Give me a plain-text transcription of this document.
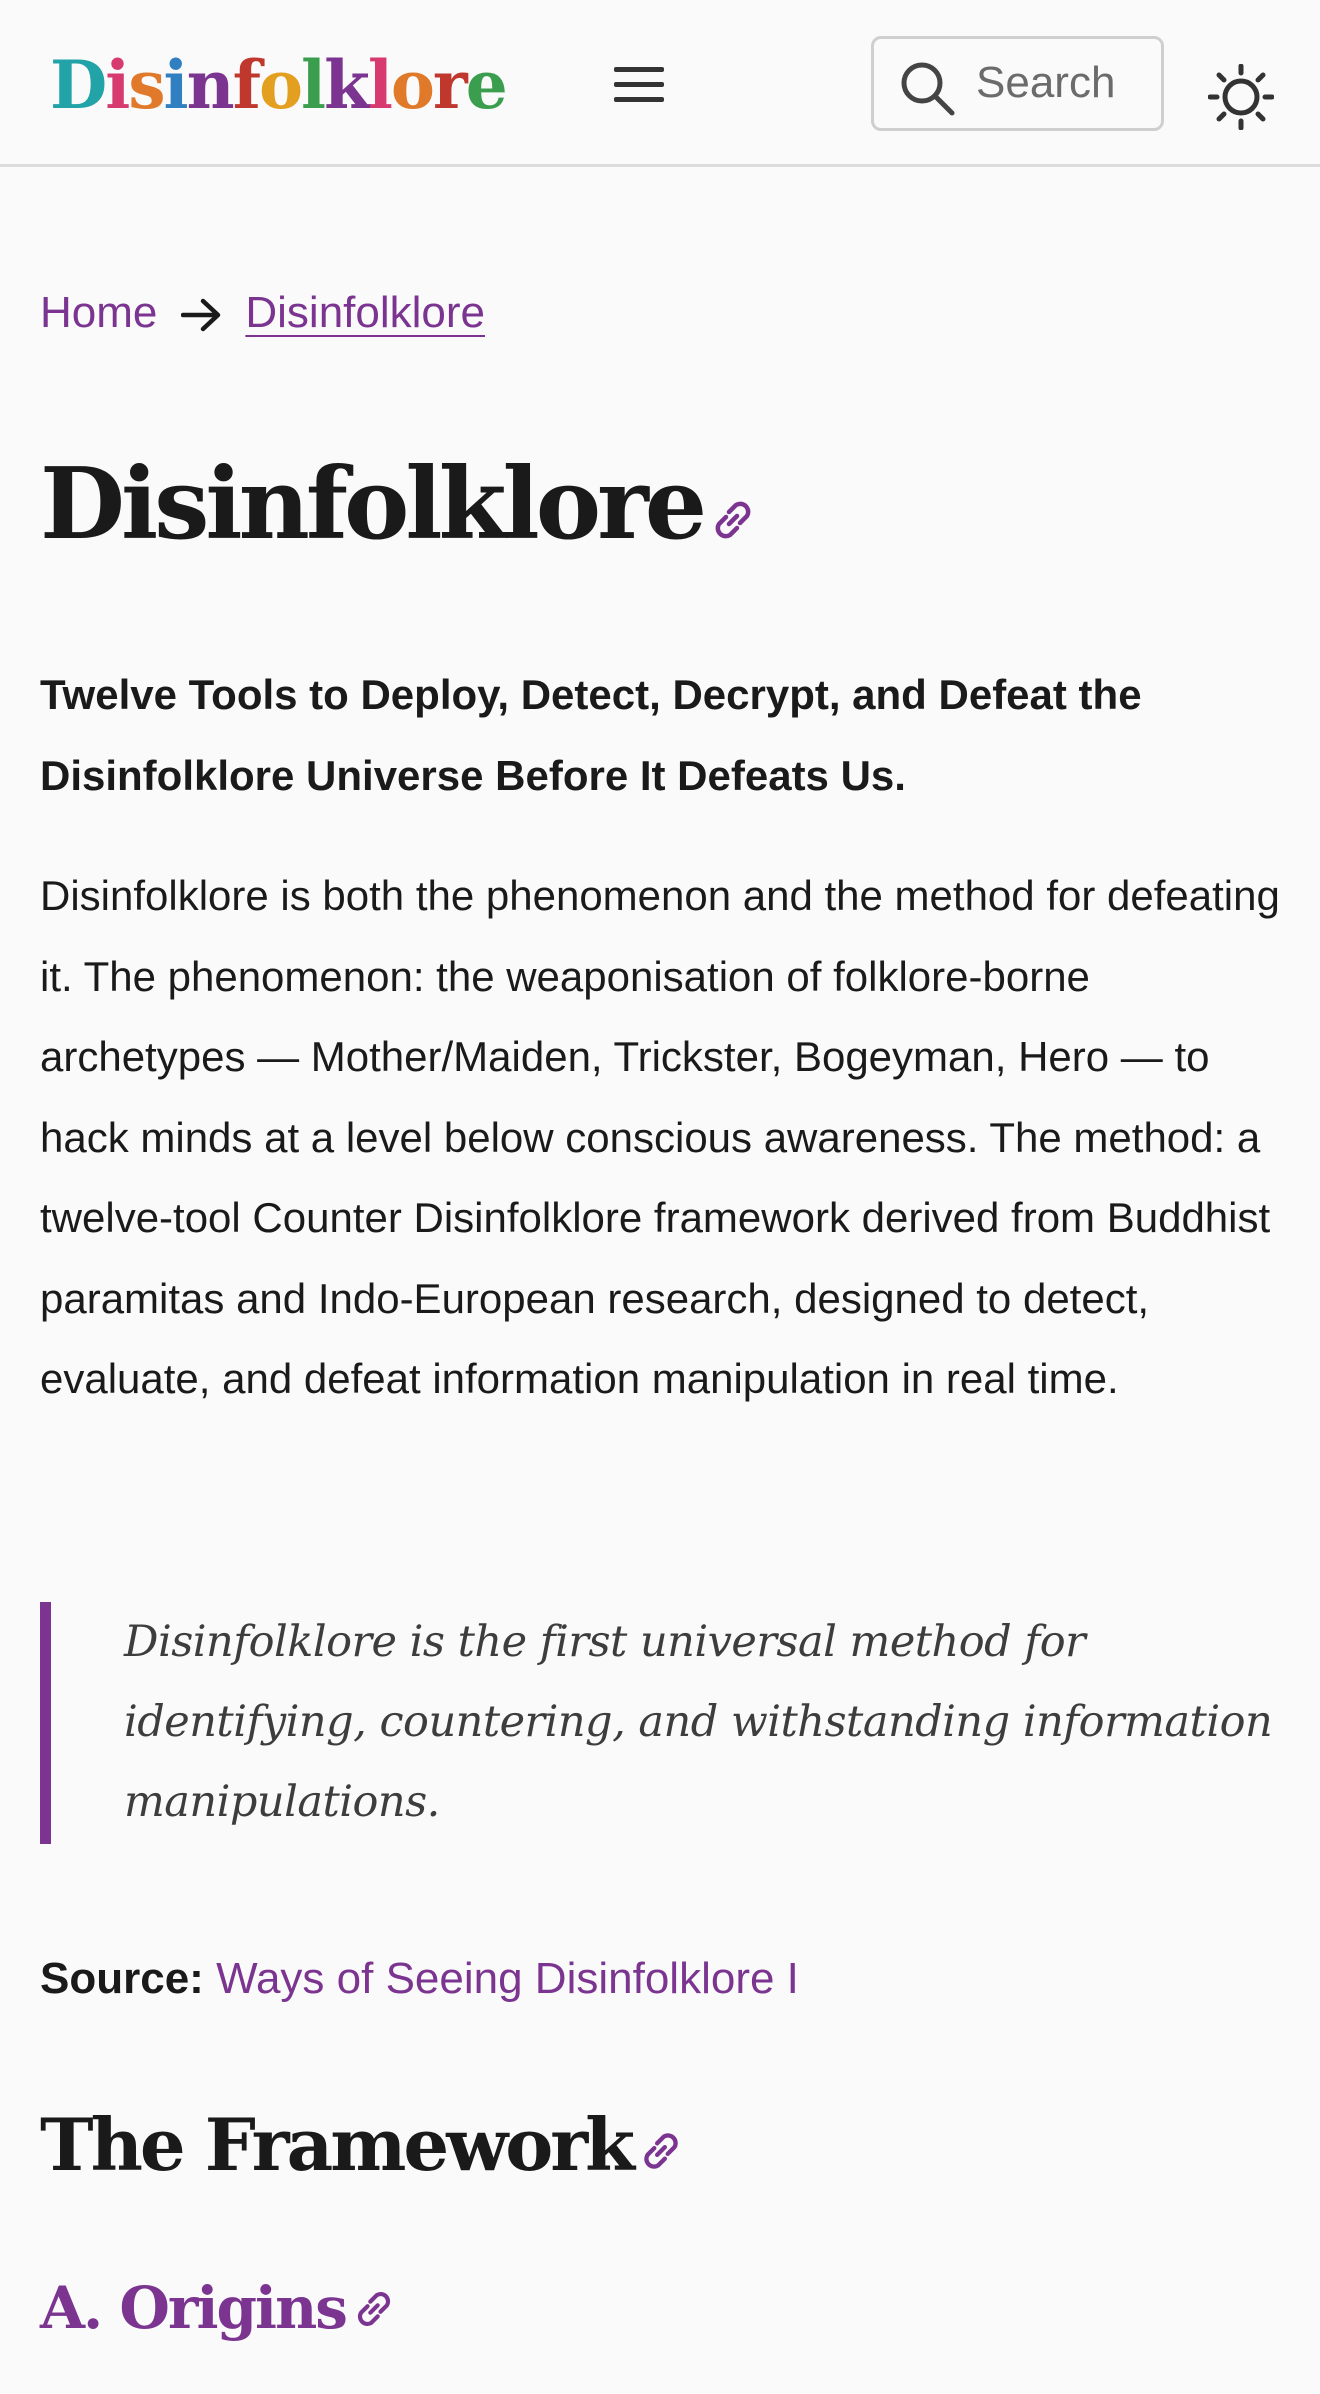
Disinfolklore
Search
Home Disinfolklore
Disinfolklore

Twelve Tools to Deploy, Detect, Decrypt, and Defeat the Disinfolklore Universe Before It Defeats Us.

Disinfolklore is both the phenomenon and the method for defeating it. The phenomenon: the weaponisation of folklore-borne archetypes — Mother/Maiden, Trickster, Bogeyman, Hero — to hack minds at a level below conscious awareness. The method: a twelve-tool Counter Disinfolklore framework derived from Buddhist paramitas and Indo-European research, designed to detect, evaluate, and defeat information manipulation in real time.

Disinfolklore is the first universal method for identifying, countering, and withstanding information manipulations.

Source: Ways of Seeing Disinfolklore I
The Framework
A. Origins
